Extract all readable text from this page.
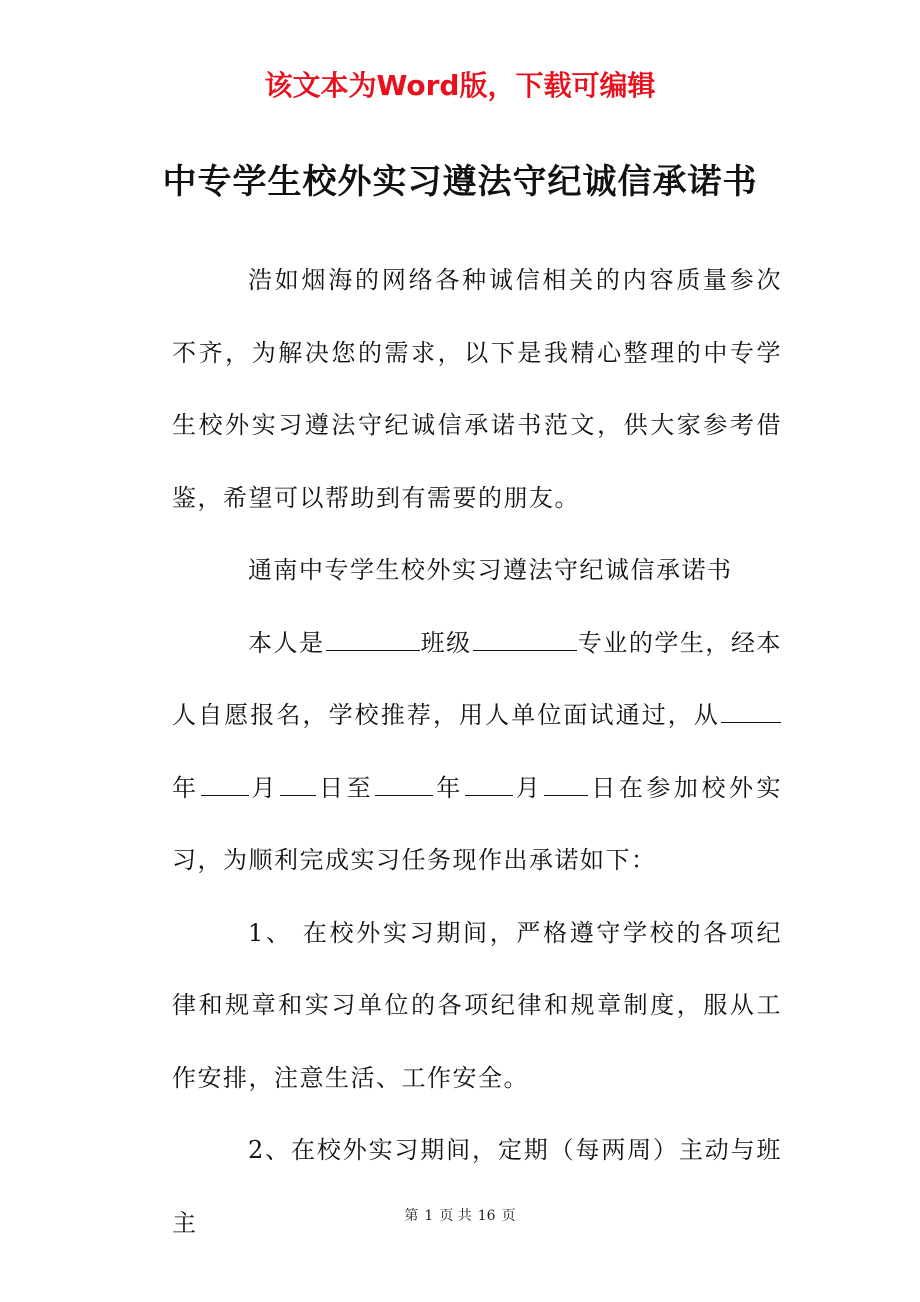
该文本为Word版，下载可编辑
中专学生校外实习遵法守纪诚信承诺书

浩如烟海的网络各种诚信相关的内容质量参次不齐，为解决您的需求，以下是我精心整理的中专学生校外实习遵法守纪诚信承诺书范文，供大家参考借鉴，希望可以帮助到有需要的朋友。

通南中专学生校外实习遵法守纪诚信承诺书

本人是	班级	专业的学生，经本人自愿报名，学校推荐，用人单位面试通过，从年 月 日至	年 月 日在参加校外实习，为顺利完成实习任务现作出承诺如下：

1、 在校外实习期间，严格遵守学校的各项纪律和规章和实习单位的各项纪律和规章制度，服从工作安排，注意生活、工作安全。

2、在校外实习期间，定期（每两周）主动与班主	第 1 页 共 16 页
